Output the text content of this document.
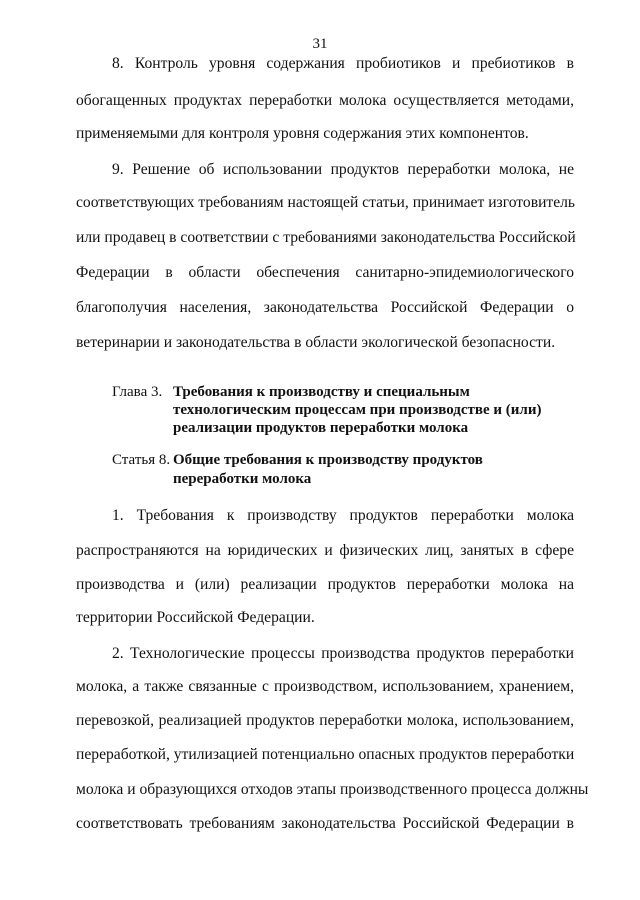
31
8. Контроль уровня содержания пробиотиков и пребиотиков в
обогащенных продуктах переработки молока осуществляется методами,
применяемыми для контроля уровня содержания этих компонентов.
9. Решение об использовании продуктов переработки молока, не
соответствующих требованиям настоящей статьи, принимает изготовитель
или продавец в соответствии с требованиями законодательства Российской
Федерации в области обеспечения санитарно-эпидемиологического
благополучия населения, законодательства Российской Федерации о
ветеринарии и законодательства в области экологической безопасности.
Глава 3. Требования к производству и специальным
технологическим процессам при производстве и (или)
реализации продуктов переработки молока
Статья 8. Общие требования к производству продуктов
переработки молока
1. Требования к производству продуктов переработки молока
распространяются на юридических и физических лиц, занятых в сфере
производства и (или) реализации продуктов переработки молока на
территории Российской Федерации.
2. Технологические процессы производства продуктов переработки
молока, а также связанные с производством, использованием, хранением,
перевозкой, реализацией продуктов переработки молока, использованием,
переработкой, утилизацией потенциально опасных продуктов переработки
молока и образующихся отходов этапы производственного процесса должны
соответствовать требованиям законодательства Российской Федерации в
